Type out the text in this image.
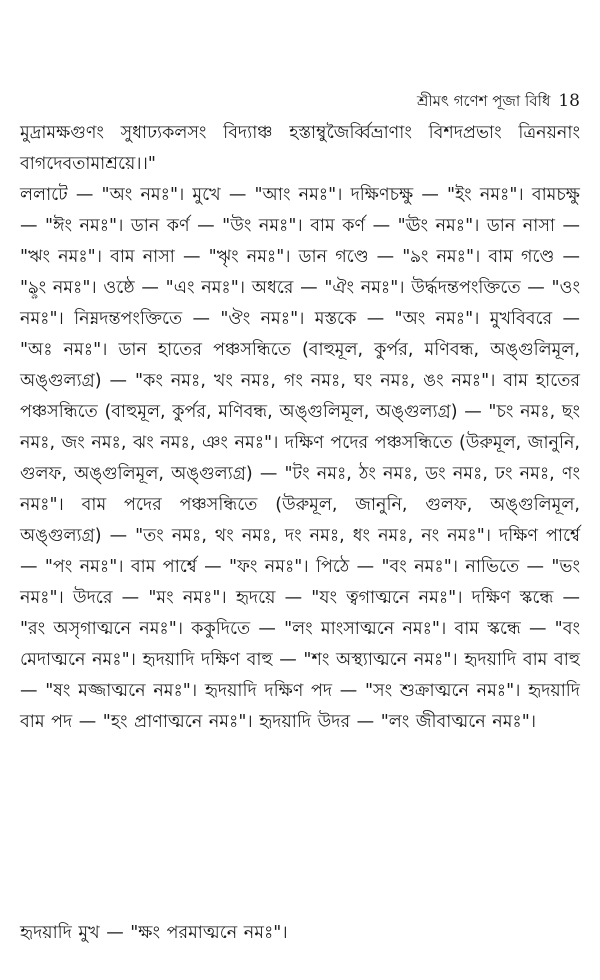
শ্রীমৎ গণেশ পূজা বিধি 18

মুদ্রামক্ষগুণং সুধাঢ্যকলসং বিদ্যাঞ্চ হস্তাম্বুজৈর্ব্বিভ্রাণাং বিশদপ্রভাং ত্রিনয়নাং বাগদেবতামাশ্রয়ে।।"

ললাটে — "অং নমঃ"। মুখে — "আং নমঃ"। দক্ষিণচক্ষু — "ইং নমঃ"। বামচক্ষু — "ঈং নমঃ"। ডান কর্ণ — "উং নমঃ"। বাম কর্ণ — "ঊং নমঃ"। ডান নাসা — "ঋং নমঃ"। বাম নাসা — "ৠং নমঃ"। ডান গণ্ডে — "ঌং নমঃ"। বাম গণ্ডে — "ৡং নমঃ"। ওষ্ঠে — "এং নমঃ"। অধরে — "ঐং নমঃ"। উর্দ্ধদন্তপংক্তিতে — "ওং নমঃ"। নিম্নদন্তপংক্তিতে — "ঔং নমঃ"। মস্তকে — "অং নমঃ"। মুখবিবরে — "অঃ নমঃ"। ডান হাতের পঞ্চসন্ধিতে (বাহুমূল, কুর্পর, মণিবন্ধ, অঙ্গুলিমূল, অঙ্গুল্যগ্র) — "কং নমঃ, খং নমঃ, গং নমঃ, ঘং নমঃ, ঙং নমঃ"। বাম হাতের পঞ্চসন্ধিতে (বাহুমূল, কুর্পর, মণিবন্ধ, অঙ্গুলিমূল, অঙ্গুল্যগ্র) — "চং নমঃ, ছং নমঃ, জং নমঃ, ঝং নমঃ, ঞং নমঃ"। দক্ষিণ পদের পঞ্চসন্ধিতে (উরুমূল, জানুনি, গুলফ, অঙ্গুলিমূল, অঙ্গুল্যগ্র) — "টং নমঃ, ঠং নমঃ, ডং নমঃ, ঢং নমঃ, ণং নমঃ"। বাম পদের পঞ্চসন্ধিতে (উরুমূল, জানুনি, গুলফ, অঙ্গুলিমূল, অঙ্গুল্যগ্র) — "তং নমঃ, থং নমঃ, দং নমঃ, ধং নমঃ, নং নমঃ"। দক্ষিণ পার্শ্বে — "পং নমঃ"। বাম পার্শ্বে — "ফং নমঃ"। পিঠে — "বং নমঃ"। নাভিতে — "ভং নমঃ"। উদরে — "মং নমঃ"। হৃদয়ে — "যং ত্বগাত্মনে নমঃ"। দক্ষিণ স্কন্ধে — "রং অসৃগাত্মনে নমঃ"। ককুদিতে — "লং মাংসাত্মনে নমঃ"। বাম স্কন্ধে — "বং মেদাত্মনে নমঃ"। হৃদয়াদি দক্ষিণ বাহু — "শং অস্থ্যাত্মনে নমঃ"। হৃদয়াদি বাম বাহু — "ষং মজ্জাত্মনে নমঃ"। হৃদয়াদি দক্ষিণ পদ — "সং শুক্রাত্মনে নমঃ"। হৃদয়াদি বাম পদ — "হং প্রাণাত্মনে নমঃ"। হৃদয়াদি উদর — "লং জীবাত্মনে নমঃ"।

হৃদয়াদি মুখ — "ক্ষং পরমাত্মনে নমঃ"।
